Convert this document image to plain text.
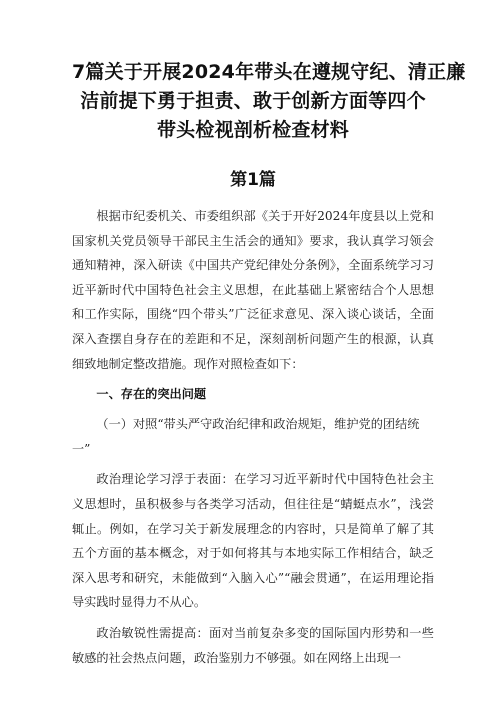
7篇关于开展2024年带头在遵规守纪、清正廉
洁前提下勇于担责、敢于创新方面等四个
带头检视剖析检查材料
第1篇

根据市纪委机关、市委组织部《关于开好2024年度县以上党和国家机关党员领导干部民主生活会的通知》要求，我认真学习领会通知精神，深入研读《中国共产党纪律处分条例》，全面系统学习习近平新时代中国特色社会主义思想，在此基础上紧密结合个人思想和工作实际，围绕“四个带头”广泛征求意见、深入谈心谈话，全面深入查摆自身存在的差距和不足，深刻剖析问题产生的根源，认真细致地制定整改措施。现作对照检查如下：

一、存在的突出问题

（一）对照“带头严守政治纪律和政治规矩，维护党的团结统一”

政治理论学习浮于表面：在学习习近平新时代中国特色社会主义思想时，虽积极参与各类学习活动，但往往是“蜻蜓点水”，浅尝辄止。例如，在学习关于新发展理念的内容时，只是简单了解了其五个方面的基本概念，对于如何将其与本地实际工作相结合，缺乏深入思考和研究，未能做到“入脑入心”“融会贯通”，在运用理论指导实践时显得力不从心。

政治敏锐性需提高：面对当前复杂多变的国际国内形势和一些敏感的社会热点问题，政治鉴别力不够强。如在网络上出现一
